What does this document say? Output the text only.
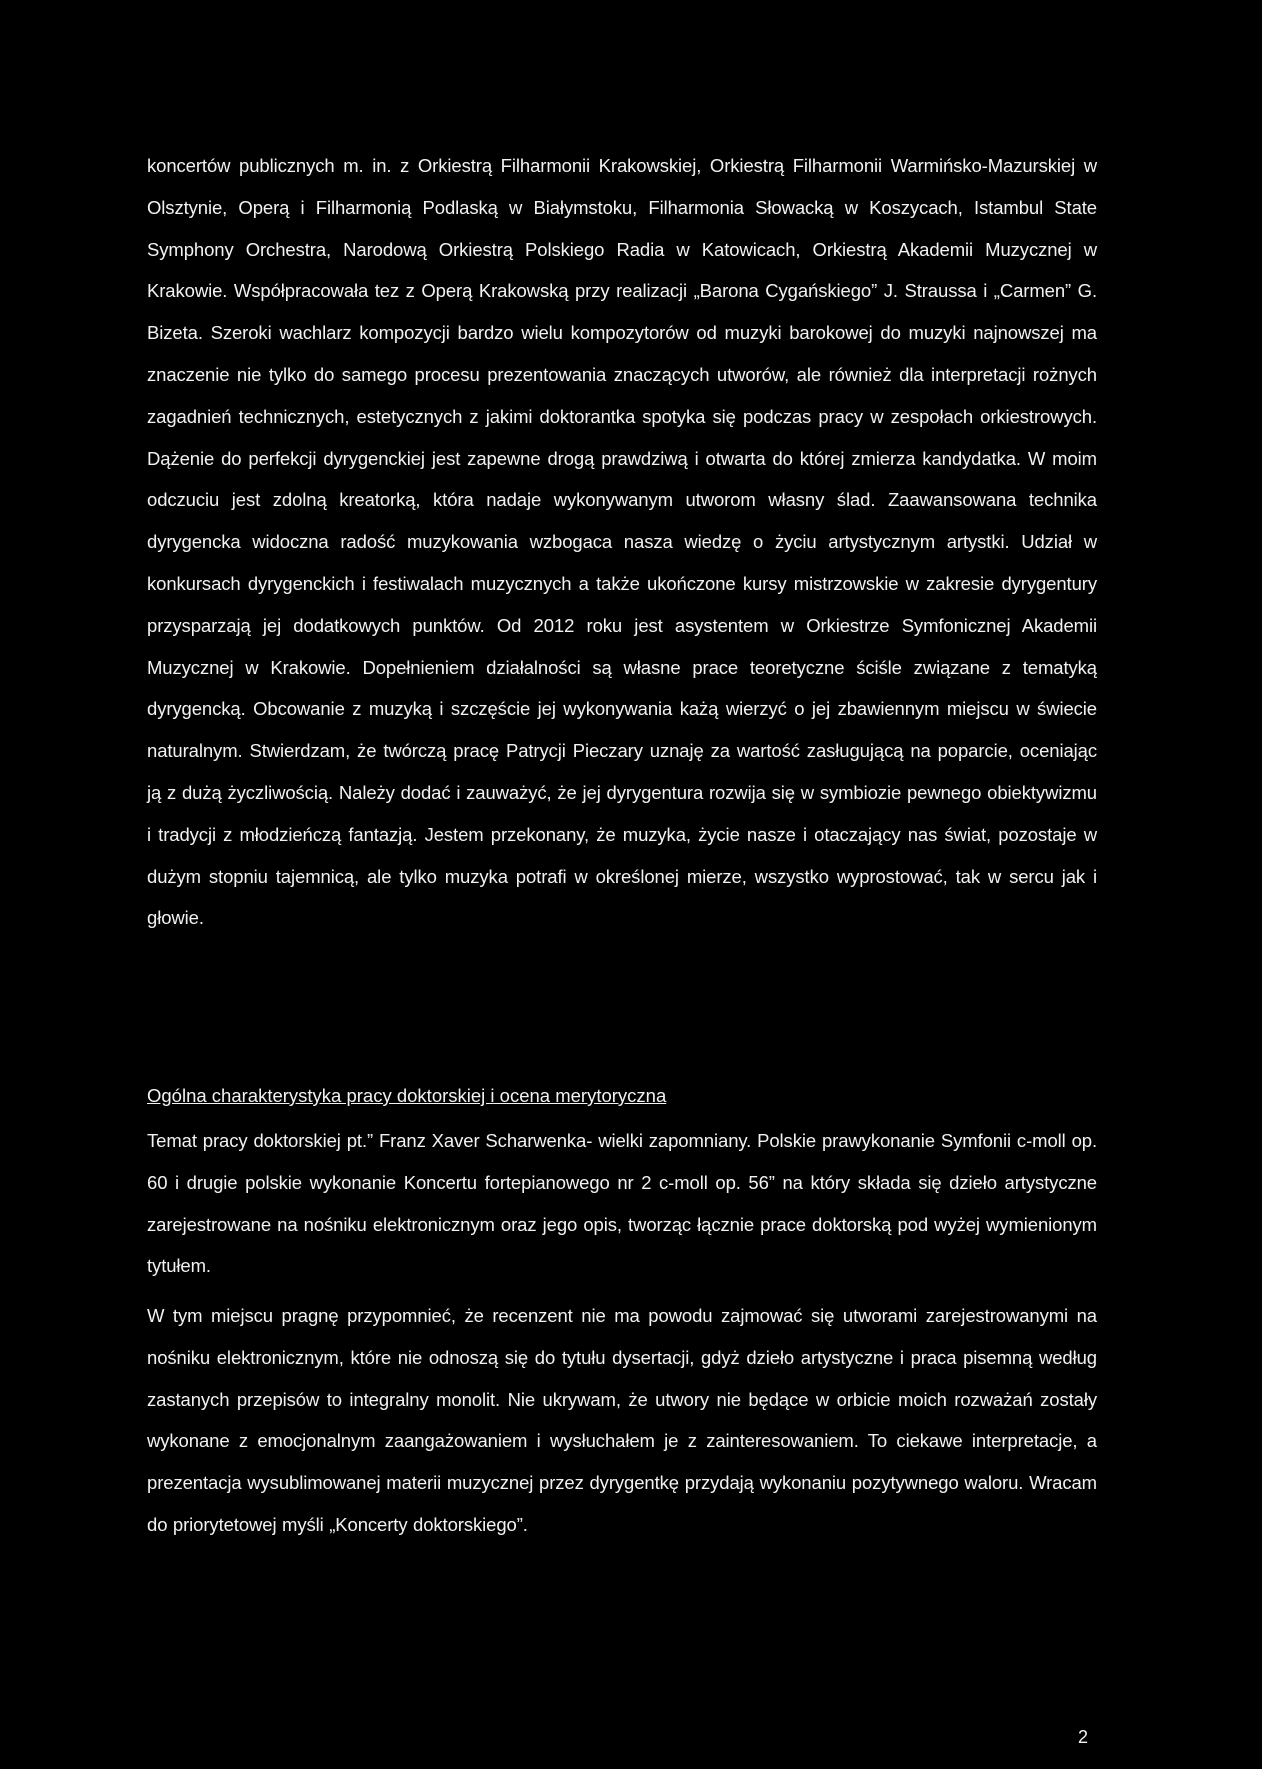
koncertów publicznych m. in. z Orkiestrą Filharmonii Krakowskiej, Orkiestrą Filharmonii Warmińsko-Mazurskiej w Olsztynie, Operą i Filharmonią Podlaską w Białymstoku, Filharmonia Słowacką w Koszycach, Istambul State Symphony Orchestra, Narodową Orkiestrą Polskiego Radia w Katowicach, Orkiestrą Akademii Muzycznej w Krakowie. Współpracowała tez z Operą Krakowską przy realizacji „Barona Cygańskiego” J. Straussa i „Carmen” G. Bizeta. Szeroki wachlarz kompozycji bardzo wielu kompozytorów od muzyki barokowej do muzyki najnowszej ma znaczenie nie tylko do samego procesu prezentowania znaczących utworów, ale również dla interpretacji rożnych zagadnień technicznych, estetycznych z jakimi doktorantka spotyka się podczas pracy w zespołach orkiestrowych. Dążenie do perfekcji dyrygenckiej jest zapewne drogą prawdziwą i otwarta do której zmierza kandydatka. W moim odczuciu jest zdolną kreatorką, która nadaje wykonywanym utworom własny ślad. Zaawansowana technika dyrygencka widoczna radość muzykowania wzbogaca nasza wiedzę o życiu artystycznym artystki. Udział w konkursach dyrygenckich i festiwalach muzycznych a także ukończone kursy mistrzowskie w zakresie dyrygentury przysparzają jej dodatkowych punktów. Od 2012 roku jest asystentem w Orkiestrze Symfonicznej Akademii Muzycznej w Krakowie. Dopełnieniem działalności są własne prace teoretyczne ściśle związane z tematyką dyrygencką. Obcowanie z muzyką i szczęście jej wykonywania każą wierzyć o jej zbawiennym miejscu w świecie naturalnym. Stwierdzam, że twórczą pracę Patrycji Pieczary uznaję za wartość zasługującą na poparcie, oceniając ją z dużą życzliwością. Należy dodać i zauważyć, że jej dyrygentura rozwija się w symbiozie pewnego obiektywizmu i tradycji z młodzieńczą fantazją. Jestem przekonany, że muzyka, życie nasze i otaczający nas świat, pozostaje w dużym stopniu tajemnicą, ale tylko muzyka potrafi w określonej mierze, wszystko wyprostować, tak w sercu jak i głowie.

Ogólna charakterystyka pracy doktorskiej i ocena merytoryczna

Temat pracy doktorskiej pt.” Franz Xaver Scharwenka- wielki zapomniany. Polskie prawykonanie Symfonii c-moll op. 60 i drugie polskie wykonanie Koncertu fortepianowego nr 2 c-moll op. 56” na który składa się dzieło artystyczne zarejestrowane na nośniku elektronicznym oraz jego opis, tworząc łącznie prace doktorską pod wyżej wymienionym tytułem.

W tym miejscu pragnę przypomnieć, że recenzent nie ma powodu zajmować się utworami zarejestrowanymi na nośniku elektronicznym, które nie odnoszą się do tytułu dysertacji, gdyż dzieło artystyczne i praca pisemną według zastanych przepisów to integralny monolit. Nie ukrywam, że utwory nie będące w orbicie moich rozważań zostały wykonane z emocjonalnym zaangażowaniem i wysłuchałem je z zainteresowaniem. To ciekawe interpretacje, a prezentacja wysublimowanej materii muzycznej przez dyrygentkę przydają wykonaniu pozytywnego waloru. Wracam do priorytetowej myśli „Koncerty doktorskiego”.

2
